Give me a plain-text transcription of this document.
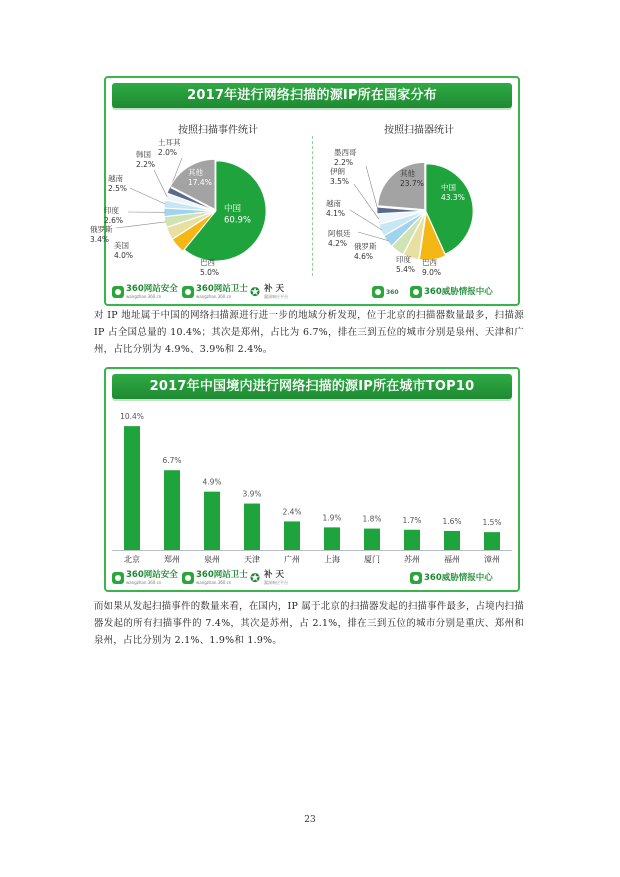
2017年进行网络扫描的源IP所在国家分布
按照扫描事件统计	按照扫描器统计
中国
60.9%
巴西
5.0%
美国
4.0%
俄罗斯
3.4%
印度
2.6%
越南
2.5%
韩国
2.2%
土耳其
2.0%
其他
17.4%
中国
43.3%
巴西
9.0%
印度
5.4%
俄罗斯
4.6%
阿根廷
4.2%
越南
4.1%
伊朗
3.5%
墨西哥
2.2%
其他
23.7%
360网站安全
wangzhan.360.cn
360网站卫士
wangzhan.360.cn	✪ 补 天
漏洞响应平台
360	360威胁情报中心
对 IP 地址属于中国的网络扫描源进行进一步的地域分析发现，位于北京的扫描器数量最多，扫描源 IP 占全国总量的 10.4%；其次是郑州，占比为 6.7%，排在三到五位的城市分别是泉州、天津和广州，占比分别为 4.9%、3.9%和 2.4%。
2017年中国境内进行网络扫描的源IP所在城市TOP10
10.4%
北京
6.7%
郑州
4.9%
泉州
3.9%
天津
2.4%
广州
1.9%
上海
1.8%
厦门
1.7%
苏州
1.6%
福州
1.5%
漳州
360网站安全
wangzhan.360.cn
360网站卫士
wangzhan.360.cn	✪ 补 天
漏洞响应平台	360威胁情报中心
而如果从发起扫描事件的数量来看，在国内，IP 属于北京的扫描器发起的扫描事件最多，占境内扫描器发起的所有扫描事件的 7.4%，其次是苏州，占 2.1%，排在三到五位的城市分别是重庆、郑州和泉州，占比分别为 2.1%、1.9%和 1.9%。
23
